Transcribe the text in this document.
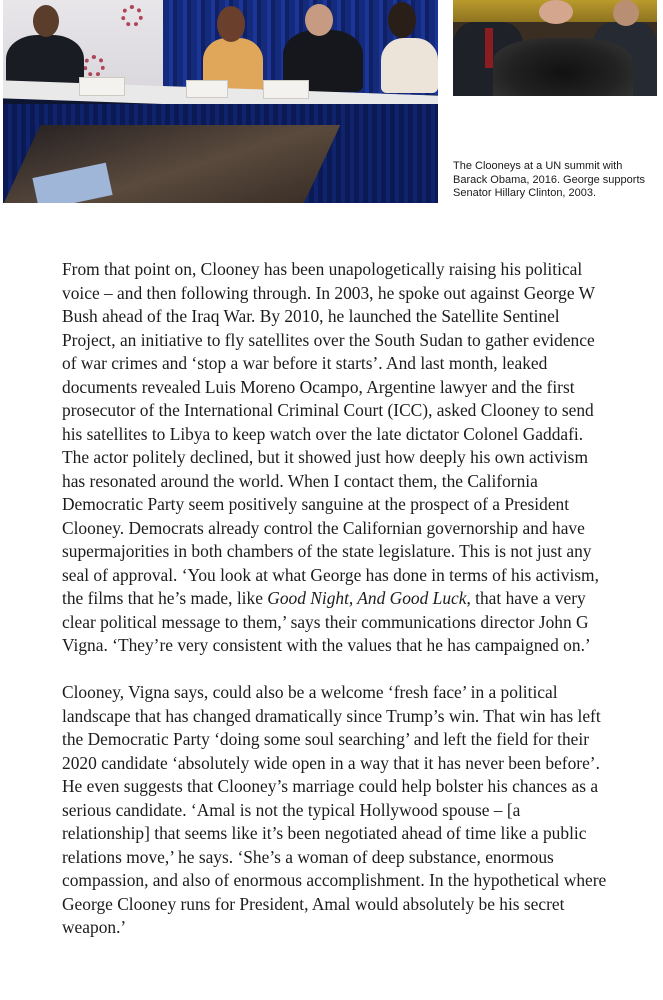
The Clooneys at a UN summit with Barack Obama, 2016. George supports Senator Hillary Clinton, 2003.

From that point on, Clooney has been unapologetically raising his political voice – and then following through. In 2003, he spoke out against George W Bush ahead of the Iraq War. By 2010, he launched the Satellite Sentinel Project, an initiative to fly satellites over the South Sudan to gather evidence of war crimes and ‘stop a war before it starts’. And last month, leaked documents revealed Luis Moreno Ocampo, Argentine lawyer and the first prosecutor of the International Criminal Court (ICC), asked Clooney to send his satellites to Libya to keep watch over the late dictator Colonel Gaddafi. The actor politely declined, but it showed just how deeply his own activism has resonated around the world. When I contact them, the California Democratic Party seem positively sanguine at the prospect of a President Clooney. Democrats already control the Californian governorship and have supermajorities in both chambers of the state legislature. This is not just any seal of approval. ‘You look at what George has done in terms of his activism, the films that he’s made, like Good Night, And Good Luck, that have a very clear political message to them,’ says their communications director John G Vigna. ‘They’re very consistent with the values that he has campaigned on.’

Clooney, Vigna says, could also be a welcome ‘fresh face’ in a political landscape that has changed dramatically since Trump’s win. That win has left the Democratic Party ‘doing some soul searching’ and left the field for their 2020 candidate ‘absolutely wide open in a way that it has never been before’. He even suggests that Clooney’s marriage could help bolster his chances as a serious candidate. ‘Amal is not the typical Hollywood spouse – [a relationship] that seems like it’s been negotiated ahead of time like a public relations move,’ he says. ‘She’s a woman of deep substance, enormous compassion, and also of enormous accomplishment. In the hypothetical where George Clooney runs for President, Amal would absolutely be his secret weapon.’
